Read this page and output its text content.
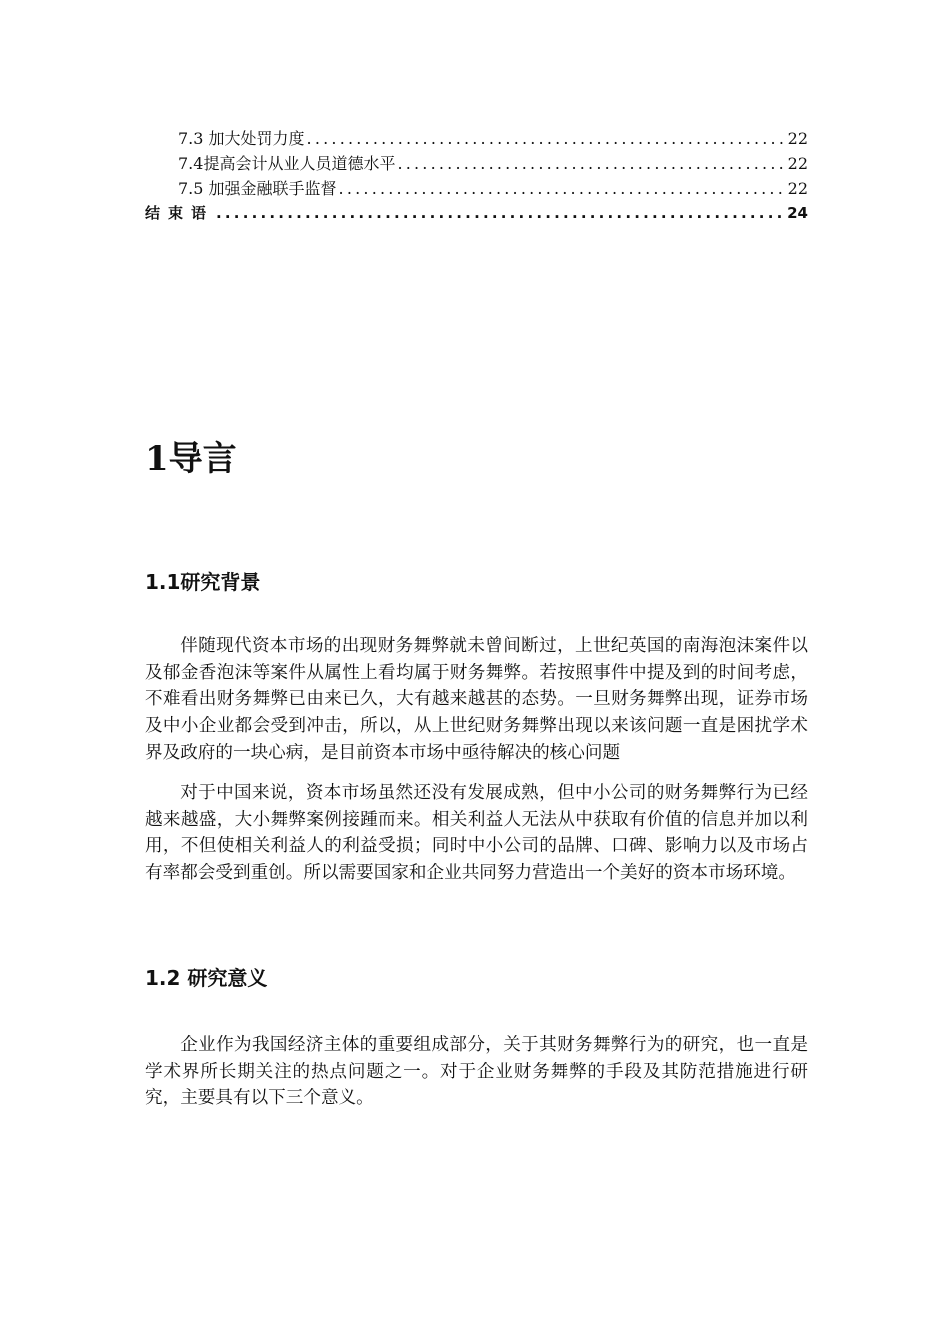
7.3 加大处罚力度 .....	22
7.4提高会计从业人员道德水平 .....	22
7.5 加强金融联手监督 .....	22
结束语 .....	24
1导言
1.1研究背景

伴随现代资本市场的出现财务舞弊就未曾间断过，上世纪英国的南海泡沫案件以及郁金香泡沫等案件从属性上看均属于财务舞弊。若按照事件中提及到的时间考虑，不难看出财务舞弊已由来已久，大有越来越甚的态势。一旦财务舞弊出现，证券市场及中小企业都会受到冲击，所以，从上世纪财务舞弊出现以来该问题一直是困扰学术界及政府的一块心病，是目前资本市场中亟待解决的核心问题

对于中国来说，资本市场虽然还没有发展成熟，但中小公司的财务舞弊行为已经越来越盛，大小舞弊案例接踵而来。相关利益人无法从中获取有价值的信息并加以利用，不但使相关利益人的利益受损；同时中小公司的品牌、口碑、影响力以及市场占有率都会受到重创。所以需要国家和企业共同努力营造出一个美好的资本市场环境。

1.2 研究意义

企业作为我国经济主体的重要组成部分，关于其财务舞弊行为的研究，也一直是学术界所长期关注的热点问题之一。对于企业财务舞弊的手段及其防范措施进行研究，主要具有以下三个意义。
